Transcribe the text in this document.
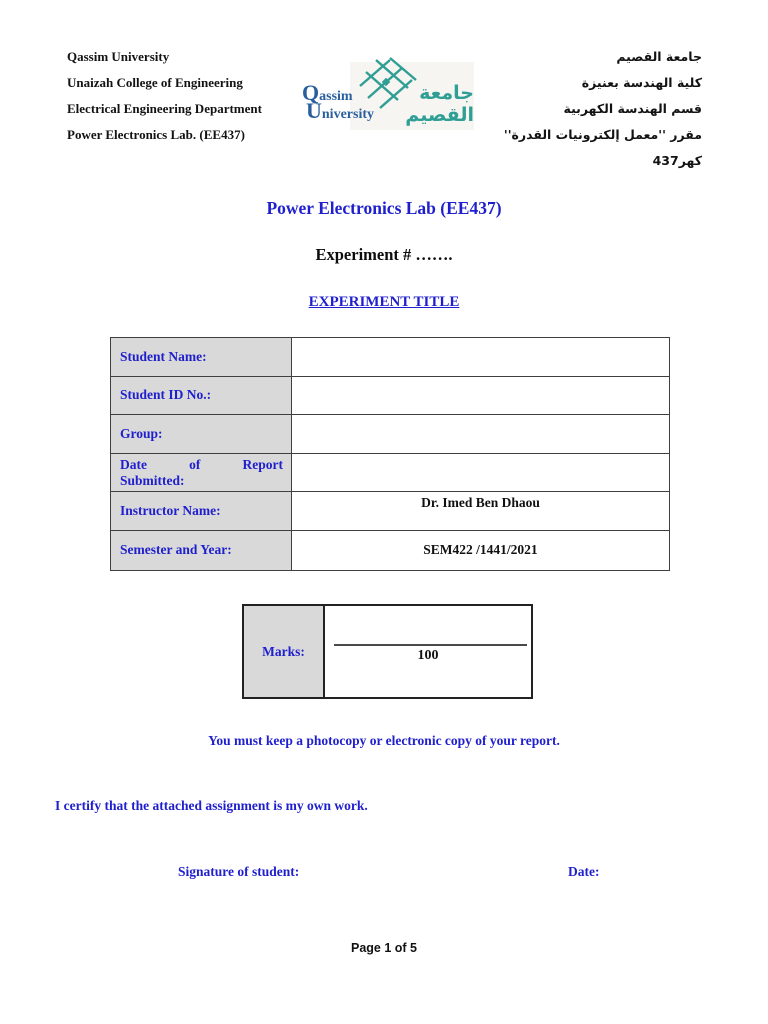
Qassim University
Unaizah College of Engineering
Electrical Engineering Department
Power Electronics Lab. (EE437)

Qassim

University

جامعة القصيم
جامعة القصيم
كلية الهندسة بعنيزة
قسم الهندسة الكهربية
مقرر ''معمل إلكترونيات القدرة'' كهر437
Power Electronics Lab (EE437)
Experiment # …….
EXPERIMENT TITLE
Student Name:
Student ID No.:
Group:
Date	of	Report
Submitted:
Instructor Name:
Dr. Imed Ben Dhaou
Semester and Year:	SEM422 /1441/2021
Marks:	100
You must keep a photocopy or electronic copy of your report.
I certify that the attached assignment is my own work.
Signature of student:	Date:
Page 1 of 5
